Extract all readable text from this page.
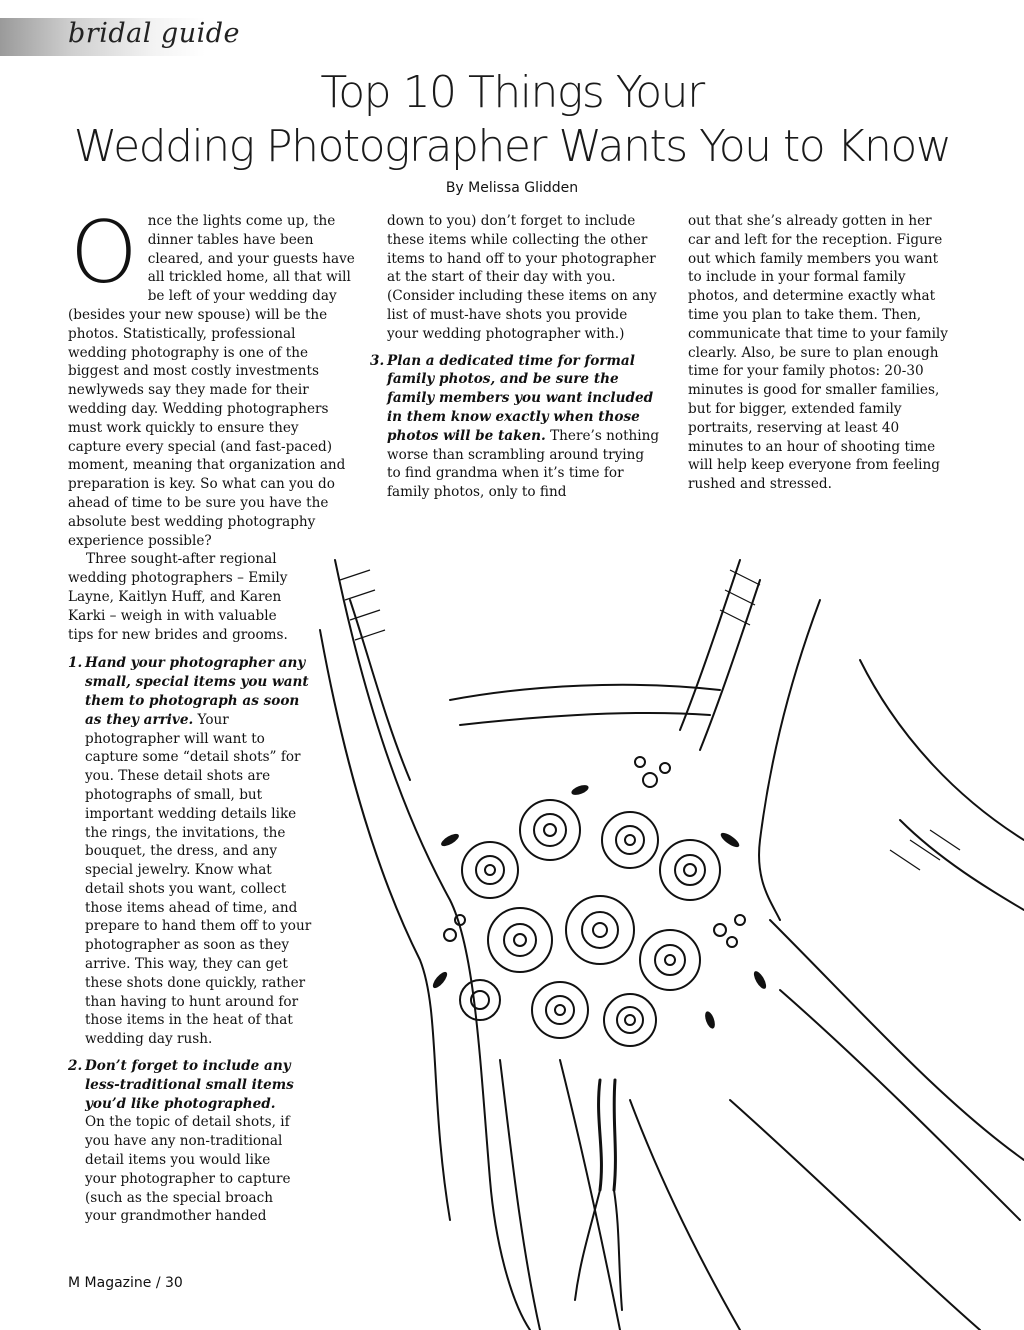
bridal guide
Top 10 Things Your
Wedding Photographer Wants You to Know
By Melissa Glidden

Once the lights come up, the dinner tables have been cleared, and your guests have all trickled home, all that will be left of your wedding day (besides your new spouse) will be the photos. Statistically, professional wedding photography is one of the biggest and most costly investments newlyweds say they made for their wedding day. Wedding photographers must work quickly to ensure they capture every special (and fast-paced) moment, meaning that organization and preparation is key. So what can you do ahead of time to be sure you have the absolute best wedding photography experience possible?

Three sought-after regional wedding photographers – Emily Layne, Kaitlyn Huff, and Karen Karki – weigh in with valuable tips for new brides and grooms.

1. Hand your photographer any small, special items you want them to photograph as soon as they arrive. Your photographer will want to capture some “detail shots” for you. These detail shots are photographs of small, but important wedding details like the rings, the invitations, the bouquet, the dress, and any special jewelry. Know what detail shots you want, collect those items ahead of time, and prepare to hand them off to your photographer as soon as they arrive. This way, they can get these shots done quickly, rather than having to hunt around for those items in the heat of that wedding day rush.
2. Don’t forget to include any less-traditional small items you’d like photographed. On the topic of detail shots, if you have any non-traditional detail items you would like your photographer to capture (such as the special broach your grandmother handed

down to you) don’t forget to include these items while collecting the other items to hand off to your photographer at the start of their day with you. (Consider including these items on any list of must-have shots you provide your wedding photographer with.)

3. Plan a dedicated time for formal family photos, and be sure the family members you want included in them know exactly when those photos will be taken. There’s nothing worse than scrambling around trying to find grandma when it’s time for family photos, only to find

out that she’s already gotten in her car and left for the reception. Figure out which family members you want to include in your formal family photos, and determine exactly what time you plan to take them. Then, communicate that time to your family clearly. Also, be sure to plan enough time for your family photos: 20-30 minutes is good for smaller families, but for bigger, extended family portraits, reserving at least 40 minutes to an hour of shooting time will help keep everyone from feeling rushed and stressed.

M Magazine / 30
